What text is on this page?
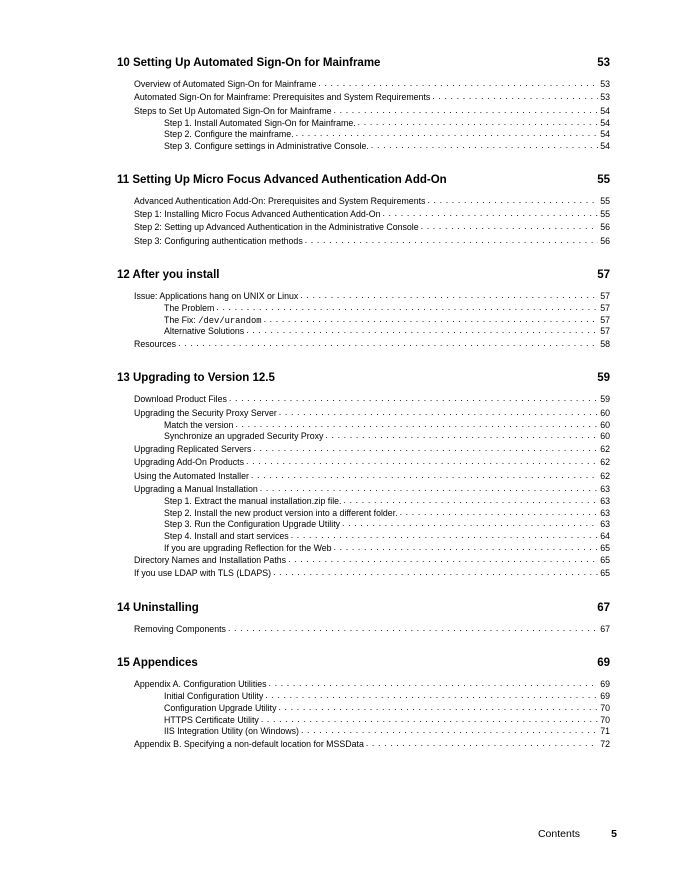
10 Setting Up Automated Sign-On for Mainframe	53
Overview of Automated Sign-On for Mainframe . . .	53
Automated Sign-On for Mainframe: Prerequisites and System Requirements . . .	53
Steps to Set Up Automated Sign-On for Mainframe . . .	54
Step 1. Install Automated Sign-On for Mainframe. . . .	54
Step 2. Configure the mainframe. . . .	54
Step 3. Configure settings in Administrative Console. . . .	54
11 Setting Up Micro Focus Advanced Authentication Add-On	55
Advanced Authentication Add-On: Prerequisites and System Requirements . . .	55
Step 1: Installing Micro Focus Advanced Authentication Add-On . . .	55
Step 2: Setting up Advanced Authentication in the Administrative Console . . .	56
Step 3: Configuring authentication methods . . .	56
12 After you install	57
Issue: Applications hang on UNIX or Linux . . .	57
The Problem . . .	57
The Fix: /dev/urandom . . .	57
Alternative Solutions . . .	57
Resources . . .	58
13 Upgrading to Version 12.5	59
Download Product Files . . .	59
Upgrading the Security Proxy Server . . .	60
Match the version . . .	60
Synchronize an upgraded Security Proxy . . .	60
Upgrading Replicated Servers . . .	62
Upgrading Add-On Products . . .	62
Using the Automated Installer . . .	62
Upgrading a Manual Installation . . .	63
Step 1. Extract the manual installation.zip file. . . .	63
Step 2. Install the new product version into a different folder. . . .	63
Step 3. Run the Configuration Upgrade Utility . . .	63
Step 4. Install and start services . . .	64
If you are upgrading Reflection for the Web . . .	65
Directory Names and Installation Paths . . .	65
If you use LDAP with TLS (LDAPS) . . .	65
14 Uninstalling	67
Removing Components . . .	67
15 Appendices	69
Appendix A. Configuration Utilities . . .	69
Initial Configuration Utility . . .	69
Configuration Upgrade Utility . . .	70
HTTPS Certificate Utility . . .	70
IIS Integration Utility (on Windows) . . .	71
Appendix B. Specifying a non-default location for MSSData . . .	72
Contents	5
